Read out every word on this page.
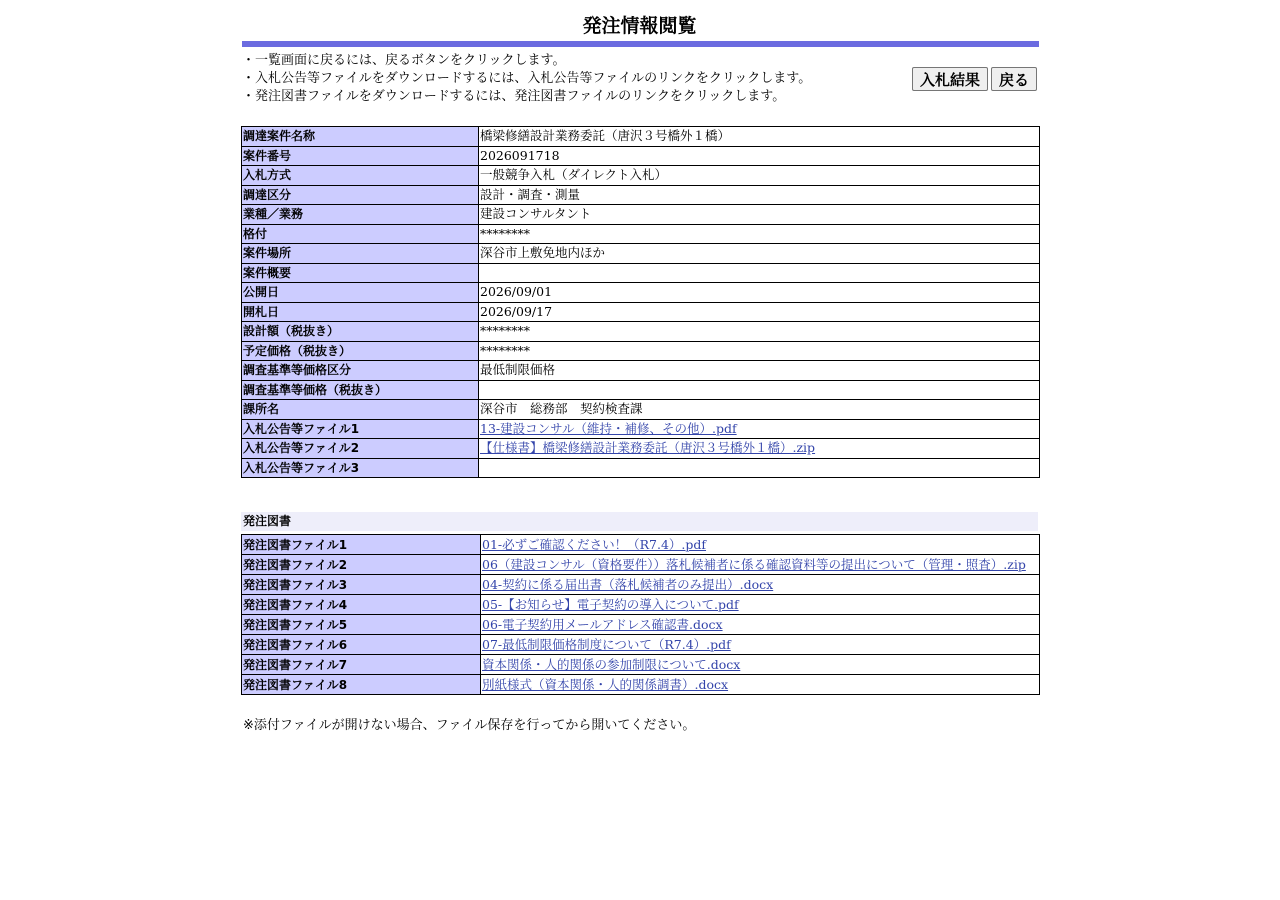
発注情報閲覧
・一覧画面に戻るには、戻るボタンをクリックします。
・入札公告等ファイルをダウンロードするには、入札公告等ファイルのリンクをクリックします。
・発注図書ファイルをダウンロードするには、発注図書ファイルのリンクをクリックします。
入札結果	戻る
調達案件名称	橋梁修繕設計業務委託（唐沢３号橋外１橋）
案件番号	2026091718
入札方式	一般競争入札（ダイレクト入札）
調達区分	設計・調査・測量
業種／業務	建設コンサルタント
格付	********
案件場所	深谷市上敷免地内ほか
案件概要	
公開日	2026/09/01
開札日	2026/09/17
設計額（税抜き）	********
予定価格（税抜き）	********
調査基準等価格区分	最低制限価格
調査基準等価格（税抜き）	
課所名	深谷市　総務部　契約検査課
入札公告等ファイル1	13-建設コンサル（維持・補修、その他）.pdf
入札公告等ファイル2	【仕様書】橋梁修繕設計業務委託（唐沢３号橋外１橋）.zip
入札公告等ファイル3	
発注図書
発注図書ファイル1	01-必ずご確認ください！（R7.4）.pdf
発注図書ファイル2	06（建設コンサル（資格要件））落札候補者に係る確認資料等の提出について（管理・照査）.zip
発注図書ファイル3	04-契約に係る届出書（落札候補者のみ提出）.docx
発注図書ファイル4	05-【お知らせ】電子契約の導入について.pdf
発注図書ファイル5	06-電子契約用メールアドレス確認書.docx
発注図書ファイル6	07-最低制限価格制度について（R7.4）.pdf
発注図書ファイル7	資本関係・人的関係の参加制限について.docx
発注図書ファイル8	別紙様式（資本関係・人的関係調書）.docx
※添付ファイルが開けない場合、ファイル保存を行ってから開いてください。
